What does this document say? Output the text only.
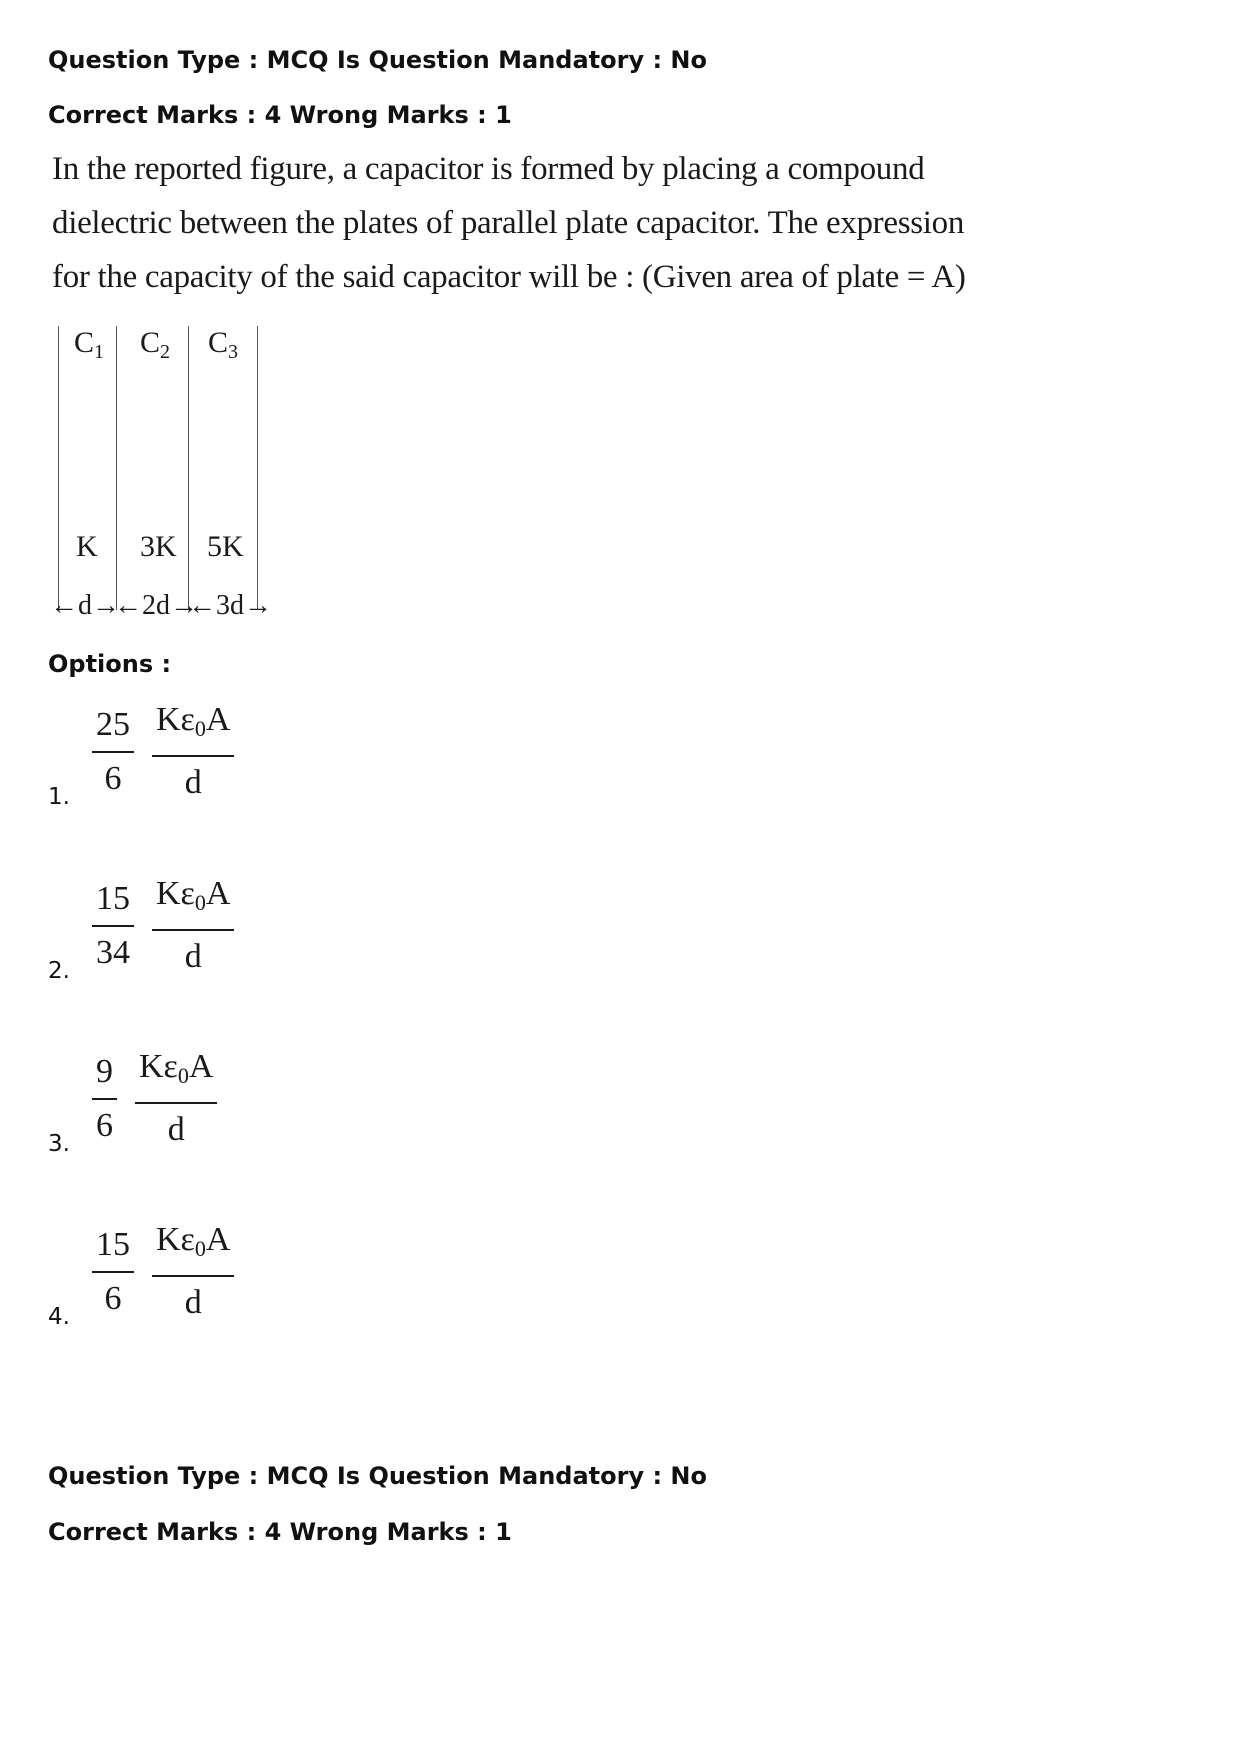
Question Type : MCQ Is Question Mandatory : No
Correct Marks : 4 Wrong Marks : 1
In the reported figure, a capacitor is formed by placing a compound dielectric between the plates of parallel plate capacitor. The expression for the capacity of the said capacitor will be : (Given area of plate = A)
$C_1$ $C_2$ $C_3$
K 3K 5K
←d→
←2d→
←3d→
Options :
1. $\frac{25}{6} \frac{K\varepsilon_0A}{d}$
2. $\frac{15}{34} \frac{K\varepsilon_0A}{d}$
3. $\frac{9}{6} \frac{K\varepsilon_0A}{d}$
4. $\frac{15}{6} \frac{K\varepsilon_0A}{d}$
Question Type : MCQ Is Question Mandatory : No
Correct Marks : 4 Wrong Marks : 1
